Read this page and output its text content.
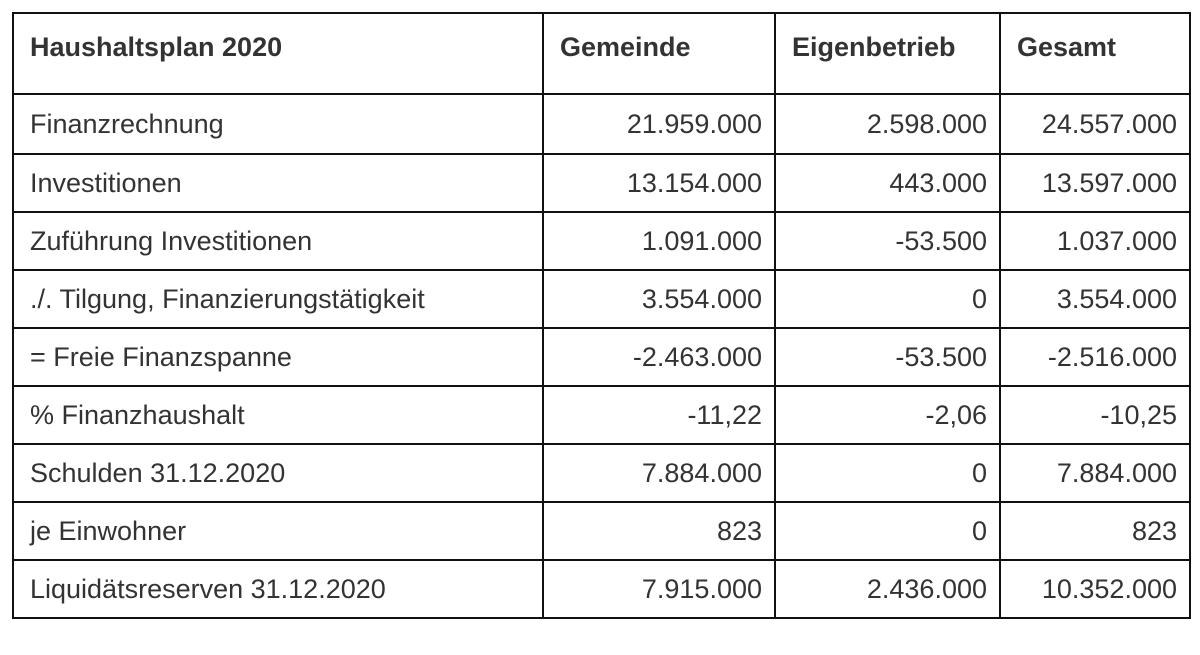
Haushaltsplan 2020	Gemeinde	Eigenbetrieb	Gesamt
Finanzrechnung	21.959.000	2.598.000	24.557.000
Investitionen	13.154.000	443.000	13.597.000
Zuführung Investitionen	1.091.000	-53.500	1.037.000
./. Tilgung, Finanzierungstätigkeit	3.554.000	0	3.554.000
= Freie Finanzspanne	-2.463.000	-53.500	-2.516.000
% Finanzhaushalt	-11,22	-2,06	-10,25
Schulden 31.12.2020	7.884.000	0	7.884.000
je Einwohner	823	0	823
Liquidätsreserven 31.12.2020	7.915.000	2.436.000	10.352.000
